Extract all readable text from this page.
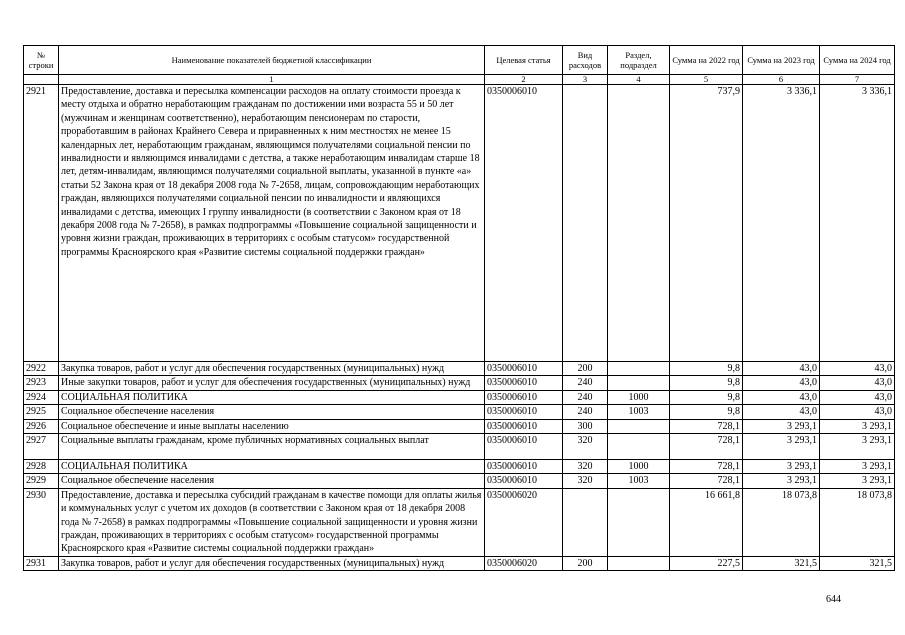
№ строки	Наименование показателей бюджетной классификации	Целевая статья	Вид расходов	Раздел, подраздел	Сумма на 2022 год	Сумма на 2023 год	Сумма на 2024 год
	1	2	3	4	5	6	7
2921	Предоставление, доставка и пересылка компенсации расходов на оплату стоимости проезда к месту отдыха и обратно неработающим гражданам по достижении ими возраста 55 и 50 лет (мужчинам и женщинам соответственно), неработающим пенсионерам по старости, проработавшим в районах Крайнего Севера и приравненных к ним местностях не менее 15 календарных лет, неработающим гражданам, являющимся получателями социальной пенсии по инвалидности и являющимся инвалидами с детства, а также неработающим инвалидам старше 18 лет, детям-инвалидам, являющимся получателями социальной выплаты, указанной в пункте «а» статьи 52 Закона края от 18 декабря 2008 года № 7-2658, лицам, сопровождающим неработающих граждан, являющихся получателями социальной пенсии по инвалидности и являющихся инвалидами с детства, имеющих I группу инвалидности (в соответствии с Законом края от 18 декабря 2008 года № 7-2658), в рамках подпрограммы «Повышение социальной защищенности и уровня жизни граждан, проживающих в территориях с особым статусом» государственной программы Красноярского края «Развитие системы социальной поддержки граждан»	0350006010			737,9	3 336,1	3 336,1
2922	Закупка товаров, работ и услуг для обеспечения государственных (муниципальных) нужд	0350006010	200		9,8	43,0	43,0
2923	Иные закупки товаров, работ и услуг для обеспечения государственных (муниципальных) нужд	0350006010	240		9,8	43,0	43,0
2924	СОЦИАЛЬНАЯ ПОЛИТИКА	0350006010	240	1000	9,8	43,0	43,0
2925	Социальное обеспечение населения	0350006010	240	1003	9,8	43,0	43,0
2926	Социальное обеспечение и иные выплаты населению	0350006010	300		728,1	3 293,1	3 293,1
2927	Социальные выплаты гражданам, кроме публичных нормативных социальных выплат	0350006010	320		728,1	3 293,1	3 293,1
2928	СОЦИАЛЬНАЯ ПОЛИТИКА	0350006010	320	1000	728,1	3 293,1	3 293,1
2929	Социальное обеспечение населения	0350006010	320	1003	728,1	3 293,1	3 293,1
2930	Предоставление, доставка и пересылка субсидий гражданам в качестве помощи для оплаты жилья и коммунальных услуг с учетом их доходов (в соответствии с Законом края от 18 декабря 2008 года № 7-2658) в рамках подпрограммы «Повышение социальной защищенности и уровня жизни граждан, проживающих в территориях с особым статусом» государственной программы Красноярского края «Развитие системы социальной поддержки граждан»	0350006020			16 661,8	18 073,8	18 073,8
2931	Закупка товаров, работ и услуг для обеспечения государственных (муниципальных) нужд	0350006020	200		227,5	321,5	321,5
644
